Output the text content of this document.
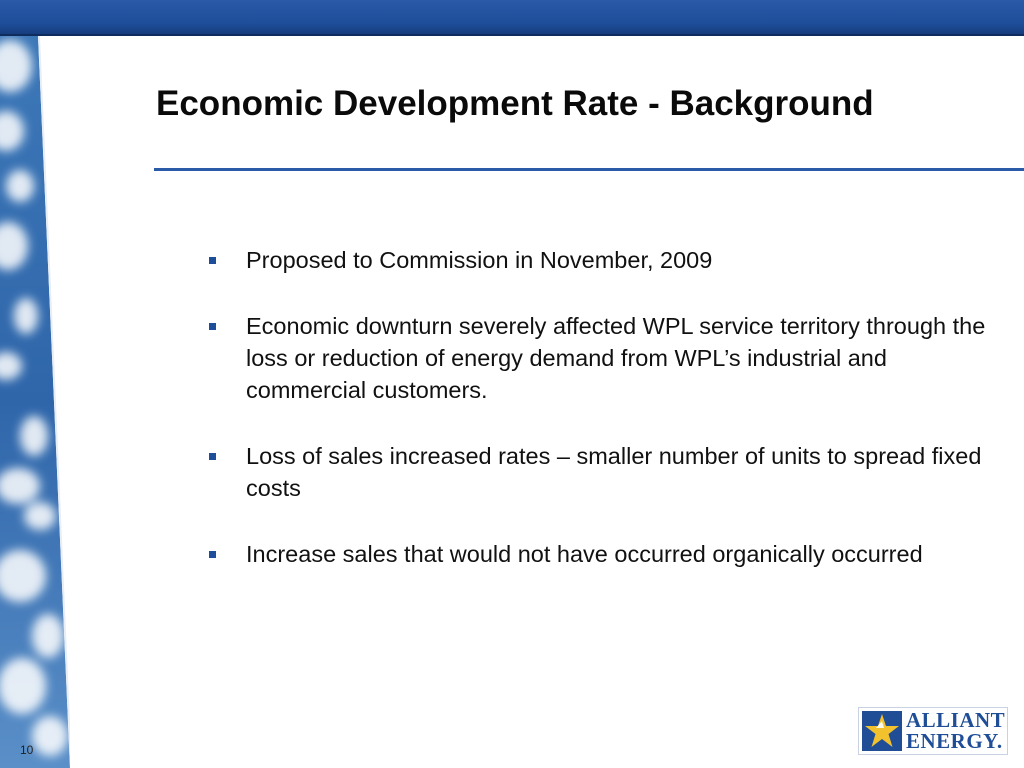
Economic Development Rate - Background
Proposed to Commission in November, 2009
Economic downturn severely affected WPL service territory through the loss or reduction of energy demand from WPL’s industrial and commercial customers.
Loss of sales increased rates – smaller number of units to spread fixed costs
Increase sales that would not have occurred organically occurred
10
ALLIANT
ENERGY.
